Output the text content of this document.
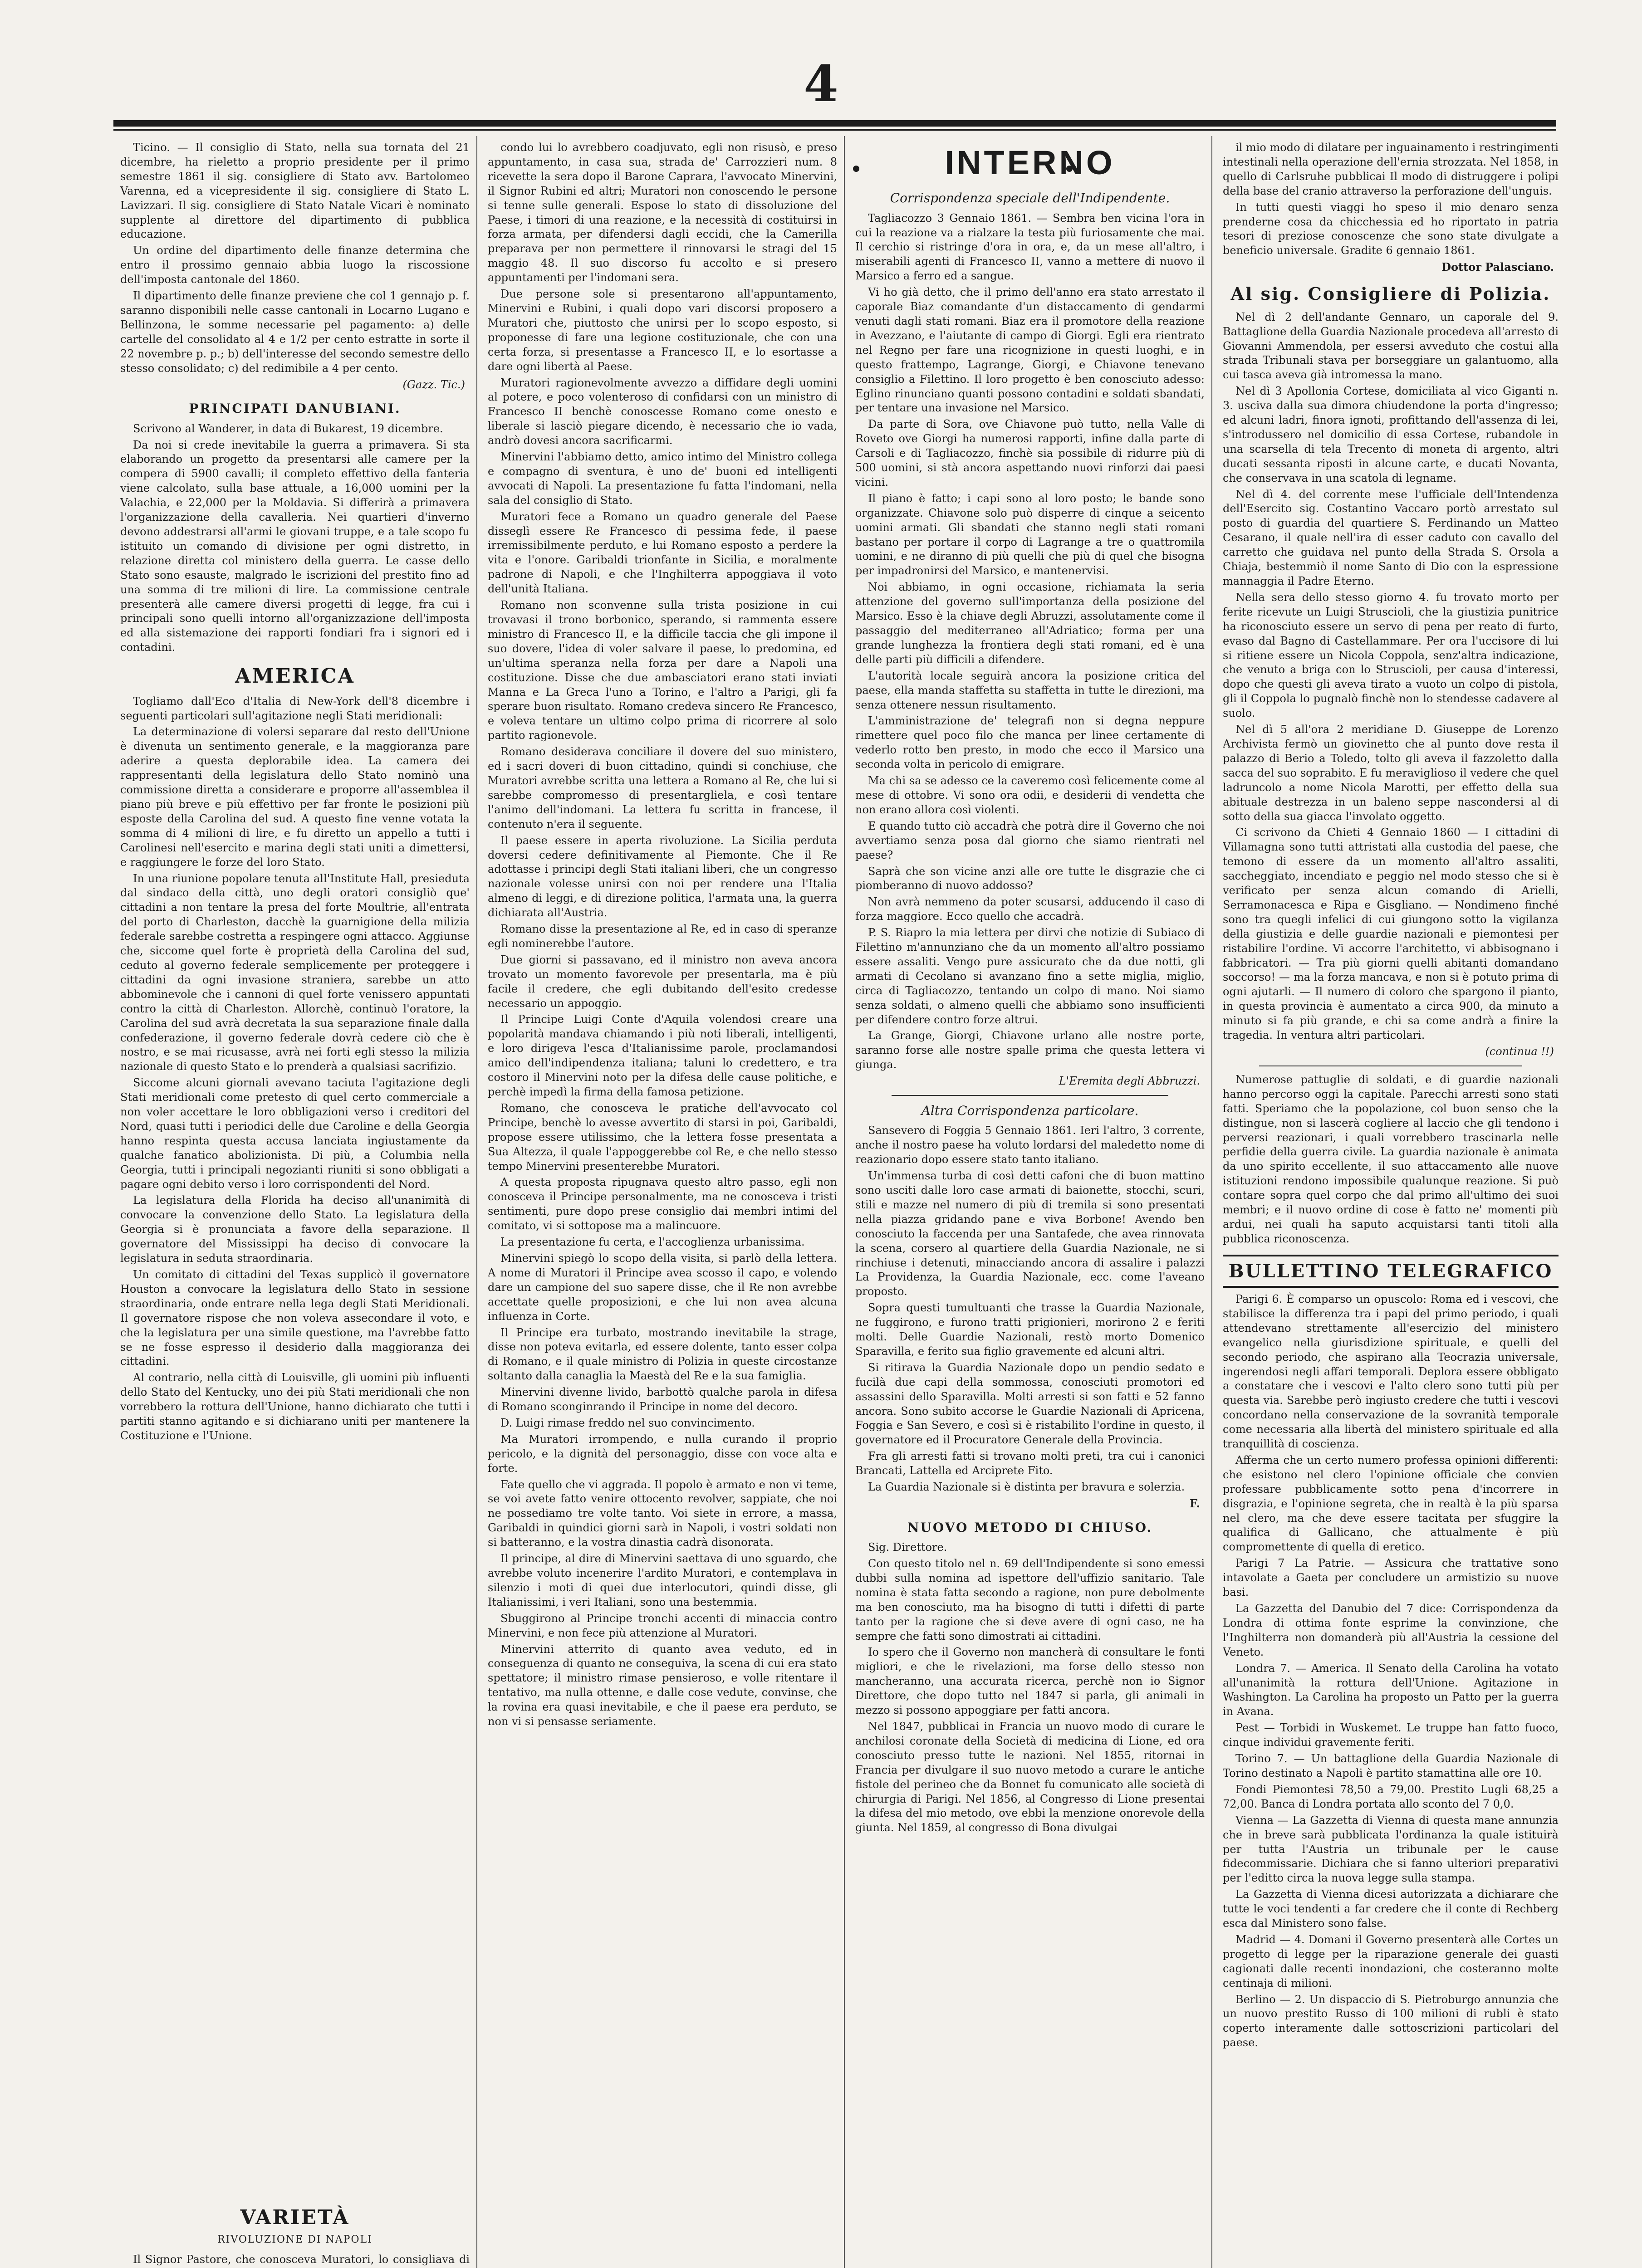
4

Ticino. — Il consiglio di Stato, nella sua tornata del 21 dicembre, ha rieletto a proprio presidente per il primo semestre 1861 il sig. consigliere di Stato avv. Bartolomeo Varenna, ed a vicepresidente il sig. consigliere di Stato L. Lavizzari. Il sig. consigliere di Stato Natale Vicari è nominato supplente al direttore del dipartimento di pubblica educazione.

Un ordine del dipartimento delle finanze determina che entro il prossimo gennaio abbia luogo la riscossione dell'imposta cantonale del 1860.

Il dipartimento delle finanze previene che col 1 gennajo p. f. saranno disponibili nelle casse cantonali in Locarno Lugano e Bellinzona, le somme necessarie pel pagamento: a) delle cartelle del consolidato al 4 e 1/2 per cento estratte in sorte il 22 novembre p. p.; b) dell'interesse del secondo semestre dello stesso consolidato; c) del redimibile a 4 per cento.

(Gazz. Tic.)
PRINCIPATI DANUBIANI.

Scrivono al Wanderer, in data di Bukarest, 19 dicembre.

Da noi si crede inevitabile la guerra a primavera. Si sta elaborando un progetto da presentarsi alle camere per la compera di 5900 cavalli; il completo effettivo della fanteria viene calcolato, sulla base attuale, a 16,000 uomini per la Valachia, e 22,000 per la Moldavia. Si differirà a primavera l'organizzazione della cavalleria. Nei quartieri d'inverno devono addestrarsi all'armi le giovani truppe, e a tale scopo fu istituito un comando di divisione per ogni distretto, in relazione diretta col ministero della guerra. Le casse dello Stato sono esauste, malgrado le iscrizioni del prestito fino ad una somma di tre milioni di lire. La commissione centrale presenterà alle camere diversi progetti di legge, fra cui i principali sono quelli intorno all'organizzazione dell'imposta ed alla sistemazione dei rapporti fondiari fra i signori ed i contadini.

AMERICA

Togliamo dall'Eco d'Italia di New-York dell'8 dicembre i seguenti particolari sull'agitazione negli Stati meridionali:

La determinazione di volersi separare dal resto dell'Unione è divenuta un sentimento generale, e la maggioranza pare aderire a questa deplorabile idea. La camera dei rappresentanti della legislatura dello Stato nominò una commissione diretta a considerare e proporre all'assemblea il piano più breve e più effettivo per far fronte le posizioni più esposte della Carolina del sud. A questo fine venne votata la somma di 4 milioni di lire, e fu diretto un appello a tutti i Carolinesi nell'esercito e marina degli stati uniti a dimettersi, e raggiungere le forze del loro Stato.

In una riunione popolare tenuta all'Institute Hall, presieduta dal sindaco della città, uno degli oratori consigliò que' cittadini a non tentare la presa del forte Moultrie, all'entrata del porto di Charleston, dacchè la guarnigione della milizia federale sarebbe costretta a respingere ogni attacco. Aggiunse che, siccome quel forte è proprietà della Carolina del sud, ceduto al governo federale semplicemente per proteggere i cittadini da ogni invasione straniera, sarebbe un atto abbominevole che i cannoni di quel forte venissero appuntati contro la città di Charleston. Allorchè, continuò l'oratore, la Carolina del sud avrà decretata la sua separazione finale dalla confederazione, il governo federale dovrà cedere ciò che è nostro, e se mai ricusasse, avrà nei forti egli stesso la milizia nazionale di questo Stato e lo prenderà a qualsiasi sacrifizio.

Siccome alcuni giornali avevano taciuta l'agitazione degli Stati meridionali come pretesto di quel certo commerciale a non voler accettare le loro obbligazioni verso i creditori del Nord, quasi tutti i periodici delle due Caroline e della Georgia hanno respinta questa accusa lanciata ingiustamente da qualche fanatico abolizionista. Di più, a Columbia nella Georgia, tutti i principali negozianti riuniti si sono obbligati a pagare ogni debito verso i loro corrispondenti del Nord.

La legislatura della Florida ha deciso all'unanimità di convocare la convenzione dello Stato. La legislatura della Georgia si è pronunciata a favore della separazione. Il governatore del Mississippi ha deciso di convocare la legislatura in seduta straordinaria.

Un comitato di cittadini del Texas supplicò il governatore Houston a convocare la legislatura dello Stato in sessione straordinaria, onde entrare nella lega degli Stati Meridionali. Il governatore rispose che non voleva assecondare il voto, e che la legislatura per una simile questione, ma l'avrebbe fatto se ne fosse espresso il desiderio dalla maggioranza dei cittadini.

Al contrario, nella città di Louisville, gli uomini più influenti dello Stato del Kentucky, uno dei più Stati meridionali che non vorrebbero la rottura dell'Unione, hanno dichiarato che tutti i partiti stanno agitando e si dichiarano uniti per mantenere la Costituzione e l'Unione.

VARIETÀ
RIVOLUZIONE DI NAPOLI

Il Signor Pastore, che conosceva Muratori, lo consigliava di

condo lui lo avrebbero coadjuvato, egli non risusò, e preso appuntamento, in casa sua, strada de' Carrozzieri num. 8 ricevette la sera dopo il Barone Caprara, l'avvocato Minervini, il Signor Rubini ed altri; Muratori non conoscendo le persone si tenne sulle generali. Espose lo stato di dissoluzione del Paese, i timori di una reazione, e la necessità di costituirsi in forza armata, per difendersi dagli eccidi, che la Camerilla preparava per non permettere il rinnovarsi le stragi del 15 maggio 48. Il suo discorso fu accolto e si presero appuntamenti per l'indomani sera.

Due persone sole si presentarono all'appuntamento, Minervini e Rubini, i quali dopo vari discorsi proposero a Muratori che, piuttosto che unirsi per lo scopo esposto, si proponesse di fare una legione costituzionale, che con una certa forza, si presentasse a Francesco II, e lo esortasse a dare ogni libertà al Paese.

Muratori ragionevolmente avvezzo a diffidare degli uomini al potere, e poco volenteroso di confidarsi con un ministro di Francesco II benchè conoscesse Romano come onesto e liberale si lasciò piegare dicendo, è necessario che io vada, andrò dovesi ancora sacrificarmi.

Minervini l'abbiamo detto, amico intimo del Ministro collega e compagno di sventura, è uno de' buoni ed intelligenti avvocati di Napoli. La presentazione fu fatta l'indomani, nella sala del consiglio di Stato.

Muratori fece a Romano un quadro generale del Paese disseglì essere Re Francesco di pessima fede, il paese irremissibilmente perduto, e lui Romano esposto a perdere la vita e l'onore. Garibaldi trionfante in Sicilia, e moralmente padrone di Napoli, e che l'Inghilterra appoggiava il voto dell'unità Italiana.

Romano non sconvenne sulla trista posizione in cui trovavasi il trono borbonico, sperando, si rammenta essere ministro di Francesco II, e la difficile taccia che gli impone il suo dovere, l'idea di voler salvare il paese, lo predomina, ed un'ultima speranza nella forza per dare a Napoli una costituzione. Disse che due ambasciatori erano stati inviati Manna e La Greca l'uno a Torino, e l'altro a Parigi, gli fa sperare buon risultato. Romano credeva sincero Re Francesco, e voleva tentare un ultimo colpo prima di ricorrere al solo partito ragionevole.

Romano desiderava conciliare il dovere del suo ministero, ed i sacri doveri di buon cittadino, quindi si conchiuse, che Muratori avrebbe scritta una lettera a Romano al Re, che lui si sarebbe compromesso di presentargliela, e così tentare l'animo dell'indomani. La lettera fu scritta in francese, il contenuto n'era il seguente.

Il paese essere in aperta rivoluzione. La Sicilia perduta doversi cedere definitivamente al Piemonte. Che il Re adottasse i principi degli Stati italiani liberi, che un congresso nazionale volesse unirsi con noi per rendere una l'Italia almeno di leggi, e di direzione politica, l'armata una, la guerra dichiarata all'Austria.

Romano disse la presentazione al Re, ed in caso di speranze egli nominerebbe l'autore.

Due giorni si passavano, ed il ministro non aveva ancora trovato un momento favorevole per presentarla, ma è più facile il credere, che egli dubitando dell'esito credesse necessario un appoggio.

Il Principe Luigi Conte d'Aquila volendosi creare una popolarità mandava chiamando i più noti liberali, intelligenti, e loro dirigeva l'esca d'Italianissime parole, proclamandosi amico dell'indipendenza italiana; taluni lo credettero, e tra costoro il Minervini noto per la difesa delle cause politiche, e perchè impedì la firma della famosa petizione.

Romano, che conosceva le pratiche dell'avvocato col Principe, benchè lo avesse avvertito di starsi in poi, Garibaldi, propose essere utilissimo, che la lettera fosse presentata a Sua Altezza, il quale l'appoggerebbe col Re, e che nello stesso tempo Minervini presenterebbe Muratori.

A questa proposta ripugnava questo altro passo, egli non conosceva il Principe personalmente, ma ne conosceva i tristi sentimenti, pure dopo prese consiglio dai membri intimi del comitato, vi si sottopose ma a malincuore.

La presentazione fu certa, e l'accoglienza urbanissima.

Minervini spiegò lo scopo della visita, si parlò della lettera. A nome di Muratori il Principe avea scosso il capo, e volendo dare un campione del suo sapere disse, che il Re non avrebbe accettate quelle proposizioni, e che lui non avea alcuna influenza in Corte.

Il Principe era turbato, mostrando inevitabile la strage, disse non poteva evitarla, ed essere dolente, tanto esser colpa di Romano, e il quale ministro di Polizia in queste circostanze soltanto dalla canaglia la Maestà del Re e la sua famiglia.

Minervini divenne livido, barbottò qualche parola in difesa di Romano sconginrando il Principe in nome del decoro.

D. Luigi rimase freddo nel suo convincimento.

Ma Muratori irrompendo, e nulla curando il proprio pericolo, e la dignità del personaggio, disse con voce alta e forte.

Fate quello che vi aggrada. Il popolo è armato e non vi teme, se voi avete fatto venire ottocento revolver, sappiate, che noi ne possediamo tre volte tanto. Voi siete in errore, a massa, Garibaldi in quindici giorni sarà in Napoli, i vostri soldati non si batteranno, e la vostra dinastia cadrà disonorata.

Il principe, al dire di Minervini saettava di uno sguardo, che avrebbe voluto incenerire l'ardito Muratori, e contemplava in silenzio i moti di quei due interlocutori, quindi disse, gli Italianissimi, i veri Italiani, sono una bestemmia.

Sbuggirono al Principe tronchi accenti di minaccia contro Minervini, e non fece più attenzione al Muratori.

Minervini atterrito di quanto avea veduto, ed in conseguenza di quanto ne conseguiva, la scena di cui era stato spettatore; il ministro rimase pensieroso, e volle ritentare il tentativo, ma nulla ottenne, e dalle cose vedute, convinse, che la rovina era quasi inevitabile, e che il paese era perduto, se non vi si pensasse seriamente.

INTERNO
Corrispondenza speciale dell'Indipendente.

Tagliacozzo 3 Gennaio 1861. — Sembra ben vicina l'ora in cui la reazione va a rialzare la testa più furiosamente che mai. Il cerchio si ristringe d'ora in ora, e, da un mese all'altro, i miserabili agenti di Francesco II, vanno a mettere di nuovo il Marsico a ferro ed a sangue.

Vi ho già detto, che il primo dell'anno era stato arrestato il caporale Biaz comandante d'un distaccamento di gendarmi venuti dagli stati romani. Biaz era il promotore della reazione in Avezzano, e l'aiutante di campo di Giorgi. Egli era rientrato nel Regno per fare una ricognizione in questi luoghi, e in questo frattempo, Lagrange, Giorgi, e Chiavone tenevano consiglio a Filettino. Il loro progetto è ben conosciuto adesso: Eglino rinunciano quanti possono contadini e soldati sbandati, per tentare una invasione nel Marsico.

Da parte di Sora, ove Chiavone può tutto, nella Valle di Roveto ove Giorgi ha numerosi rapporti, infine dalla parte di Carsoli e di Tagliacozzo, finchè sia possibile di ridurre più di 500 uomini, si stà ancora aspettando nuovi rinforzi dai paesi vicini.

Il piano è fatto; i capi sono al loro posto; le bande sono organizzate. Chiavone solo può disperre di cinque a seicento uomini armati. Gli sbandati che stanno negli stati romani bastano per portare il corpo di Lagrange a tre o quattromila uomini, e ne diranno di più quelli che più di quel che bisogna per impadronirsi del Marsico, e mantenervisi.

Noi abbiamo, in ogni occasione, richiamata la seria attenzione del governo sull'importanza della posizione del Marsico. Esso è la chiave degli Abruzzi, assolutamente come il passaggio del mediterraneo all'Adriatico; forma per una grande lunghezza la frontiera degli stati romani, ed è una delle parti più difficili a difendere.

L'autorità locale seguirà ancora la posizione critica del paese, ella manda staffetta su staffetta in tutte le direzioni, ma senza ottenere nessun risultamento.

L'amministrazione de' telegrafi non si degna neppure rimettere quel poco filo che manca per linee certamente di vederlo rotto ben presto, in modo che ecco il Marsico una seconda volta in pericolo di emigrare.

Ma chi sa se adesso ce la caveremo così felicemente come al mese di ottobre. Vi sono ora odii, e desiderii di vendetta che non erano allora così violenti.

E quando tutto ciò accadrà che potrà dire il Governo che noi avvertiamo senza posa dal giorno che siamo rientrati nel paese?

Saprà che son vicine anzi alle ore tutte le disgrazie che ci piomberanno di nuovo addosso?

Non avrà nemmeno da poter scusarsi, adducendo il caso di forza maggiore. Ecco quello che accadrà.

P. S. Riapro la mia lettera per dirvi che notizie di Subiaco di Filettino m'annunziano che da un momento all'altro possiamo essere assaliti. Vengo pure assicurato che da due notti, gli armati di Cecolano si avanzano fino a sette miglia, miglio, circa di Tagliacozzo, tentando un colpo di mano. Noi siamo senza soldati, o almeno quelli che abbiamo sono insufficienti per difendere contro forze altrui.

La Grange, Giorgi, Chiavone urlano alle nostre porte, saranno forse alle nostre spalle prima che questa lettera vi giunga.

L'Eremita degli Abbruzzi.
Altra Corrispondenza particolare.

Sansevero di Foggia 5 Gennaio 1861. Ieri l'altro, 3 corrente, anche il nostro paese ha voluto lordarsi del maledetto nome di reazionario dopo essere stato tanto italiano.

Un'immensa turba di così detti cafoni che di buon mattino sono usciti dalle loro case armati di baionette, stocchi, scuri, stili e mazze nel numero di più di tremila si sono presentati nella piazza gridando pane e viva Borbone! Avendo ben conosciuto la faccenda per una Santafede, che avea rinnovata la scena, corsero al quartiere della Guardia Nazionale, ne si rinchiuse i detenuti, minacciando ancora di assalire i palazzi La Providenza, la Guardia Nazionale, ecc. come l'aveano proposto.

Sopra questi tumultuanti che trasse la Guardia Nazionale, ne fuggirono, e furono tratti prigionieri, morirono 2 e feriti molti. Delle Guardie Nazionali, restò morto Domenico Sparavilla, e ferito sua figlio gravemente ed alcuni altri.

Si ritirava la Guardia Nazionale dopo un pendio sedato e fucilà due capi della sommossa, conosciuti promotori ed assassini dello Sparavilla. Molti arresti si son fatti e 52 fanno ancora. Sono subito accorse le Guardie Nazionali di Apricena, Foggia e San Severo, e così si è ristabilito l'ordine in questo, il governatore ed il Procuratore Generale della Provincia.

Fra gli arresti fatti si trovano molti preti, tra cui i canonici Brancati, Lattella ed Arciprete Fito.

La Guardia Nazionale si è distinta per bravura e solerzia.

F.
NUOVO METODO DI CHIUSO.

Sig. Direttore.

Con questo titolo nel n. 69 dell'Indipendente si sono emessi dubbi sulla nomina ad ispettore dell'uffizio sanitario. Tale nomina è stata fatta secondo a ragione, non pure debolmente ma ben conosciuto, ma ha bisogno di tutti i difetti di parte tanto per la ragione che si deve avere di ogni caso, ne ha sempre che fatti sono dimostrati ai cittadini.

Io spero che il Governo non mancherà di consultare le fonti migliori, e che le rivelazioni, ma forse dello stesso non mancheranno, una accurata ricerca, perchè non io Signor Direttore, che dopo tutto nel 1847 si parla, gli animali in mezzo si possono appoggiare per fatti ancora.

Nel 1847, pubblicai in Francia un nuovo modo di curare le anchilosi coronate della Società di medicina di Lione, ed ora conosciuto presso tutte le nazioni. Nel 1855, ritornai in Francia per divulgare il suo nuovo metodo a curare le antiche fistole del perineo che da Bonnet fu comunicato alle società di chirurgia di Parigi. Nel 1856, al Congresso di Lione presentai la difesa del mio metodo, ove ebbi la menzione onorevole della giunta. Nel 1859, al congresso di Bona divulgai

il mio modo di dilatare per inguainamento i restringimenti intestinali nella operazione dell'ernia strozzata. Nel 1858, in quello di Carlsruhe pubblicai Il modo di distruggere i polipi della base del cranio attraverso la perforazione dell'unguis.

In tutti questi viaggi ho speso il mio denaro senza prenderne cosa da chicchessia ed ho riportato in patria tesori di preziose conoscenze che sono state divulgate a beneficio universale. Gradite 6 gennaio 1861.

Dottor Palasciano.
Al sig. Consigliere di Polizia.

Nel dì 2 dell'andante Gennaro, un caporale del 9. Battaglione della Guardia Nazionale procedeva all'arresto di Giovanni Ammendola, per essersi avveduto che costui alla strada Tribunali stava per borseggiare un galantuomo, alla cui tasca aveva già intromessa la mano.

Nel dì 3 Apollonia Cortese, domiciliata al vico Giganti n. 3. usciva dalla sua dimora chiudendone la porta d'ingresso; ed alcuni ladri, finora ignoti, profittando dell'assenza di lei, s'introdussero nel domicilio di essa Cortese, rubandole in una scarsella di tela Trecento di moneta di argento, altri ducati sessanta riposti in alcune carte, e ducati Novanta, che conservava in una scatola di legname.

Nel dì 4. del corrente mese l'ufficiale dell'Intendenza dell'Esercito sig. Costantino Vaccaro portò arrestato sul posto di guardia del quartiere S. Ferdinando un Matteo Cesarano, il quale nell'ira di esser caduto con cavallo del carretto che guidava nel punto della Strada S. Orsola a Chiaja, bestemmiò il nome Santo di Dio con la espressione mannaggia il Padre Eterno.

Nella sera dello stesso giorno 4. fu trovato morto per ferite ricevute un Luigi Struscioli, che la giustizia punitrice ha riconosciuto essere un servo di pena per reato di furto, evaso dal Bagno di Castellammare. Per ora l'uccisore di lui si ritiene essere un Nicola Coppola, senz'altra indicazione, che venuto a briga con lo Struscioli, per causa d'interessi, dopo che questi gli aveva tirato a vuoto un colpo di pistola, gli il Coppola lo pugnalò finchè non lo stendesse cadavere al suolo.

Nel dì 5 all'ora 2 meridiane D. Giuseppe de Lorenzo Archivista fermò un giovinetto che al punto dove resta il palazzo di Berio a Toledo, tolto gli aveva il fazzoletto dalla sacca del suo soprabito. E fu meraviglioso il vedere che quel ladruncolo a nome Nicola Marotti, per effetto della sua abituale destrezza in un baleno seppe nascondersi al di sotto della sua giacca l'involato oggetto.

Ci scrivono da Chieti 4 Gennaio 1860 — I cittadini di Villamagna sono tutti attristati alla custodia del paese, che temono di essere da un momento all'altro assaliti, saccheggiato, incendiato e peggio nel modo stesso che si è verificato per senza alcun comando di Arielli, Serramonacesca e Ripa e Gisgliano. — Nondimeno finché sono tra quegli infelici di cui giungono sotto la vigilanza della giustizia e delle guardie nazionali e piemontesi per ristabilire l'ordine. Vi accorre l'architetto, vi abbisognano i fabbricatori. — Tra più giorni quelli abitanti domandano soccorso! — ma la forza mancava, e non si è potuto prima di ogni ajutarli. — Il numero di coloro che spargono il pianto, in questa provincia è aumentato a circa 900, da minuto a minuto si fa più grande, e chi sa come andrà a finire la tragedia. In ventura altri particolari.

(continua !!)

Numerose pattuglie di soldati, e di guardie nazionali hanno percorso oggi la capitale. Parecchi arresti sono stati fatti. Speriamo che la popolazione, col buon senso che la distingue, non si lascerà cogliere al laccio che gli tendono i perversi reazionari, i quali vorrebbero trascinarla nelle perfidie della guerra civile. La guardia nazionale è animata da uno spirito eccellente, il suo attaccamento alle nuove istituzioni rendono impossibile qualunque reazione. Si può contare sopra quel corpo che dal primo all'ultimo dei suoi membri; e il nuovo ordine di cose è fatto ne' momenti più ardui, nei quali ha saputo acquistarsi tanti titoli alla pubblica riconoscenza.

BULLETTINO TELEGRAFICO

Parigi 6. È comparso un opuscolo: Roma ed i vescovi, che stabilisce la differenza tra i papi del primo periodo, i quali attendevano strettamente all'esercizio del ministero evangelico nella giurisdizione spirituale, e quelli del secondo periodo, che aspirano alla Teocrazia universale, ingerendosi negli affari temporali. Deplora essere obbligato a constatare che i vescovi e l'alto clero sono tutti più per questa via. Sarebbe però ingiusto credere che tutti i vescovi concordano nella conservazione de la sovranità temporale come necessaria alla libertà del ministero spirituale ed alla tranquillità di coscienza.

Afferma che un certo numero professa opinioni differenti: che esistono nel clero l'opinione officiale che convien professare pubblicamente sotto pena d'incorrere in disgrazia, e l'opinione segreta, che in realtà è la più sparsa nel clero, ma che deve essere tacitata per sfuggire la qualifica di Gallicano, che attualmente è più compromettente di quella di eretico.

Parigi 7 La Patrie. — Assicura che trattative sono intavolate a Gaeta per concludere un armistizio su nuove basi.

La Gazzetta del Danubio del 7 dice: Corrispondenza da Londra di ottima fonte esprime la convinzione, che l'Inghilterra non domanderà più all'Austria la cessione del Veneto.

Londra 7. — America. Il Senato della Carolina ha votato all'unanimità la rottura dell'Unione. Agitazione in Washington. La Carolina ha proposto un Patto per la guerra in Avana.

Pest — Torbidi in Wuskemet. Le truppe han fatto fuoco, cinque individui gravemente feriti.

Torino 7. — Un battaglione della Guardia Nazionale di Torino destinato a Napoli è partito stamattina alle ore 10.

Fondi Piemontesi 78,50 a 79,00. Prestito Lugli 68,25 a 72,00. Banca di Londra portata allo sconto del 7 0,0.

Vienna — La Gazzetta di Vienna di questa mane annunzia che in breve sarà pubblicata l'ordinanza la quale istituirà per tutta l'Austria un tribunale per le cause fidecommissarie. Dichiara che si fanno ulteriori preparativi per l'editto circa la nuova legge sulla stampa.

La Gazzetta di Vienna dicesi autorizzata a dichiarare che tutte le voci tendenti a far credere che il conte di Rechberg esca dal Ministero sono false.

Madrid — 4. Domani il Governo presenterà alle Cortes un progetto di legge per la riparazione generale dei guasti cagionati dalle recenti inondazioni, che costeranno molte centinaja di milioni.

Berlino — 2. Un dispaccio di S. Pietroburgo annunzia che un nuovo prestito Russo di 100 milioni di rubli è stato coperto interamente dalle sottoscrizioni particolari del paese.
